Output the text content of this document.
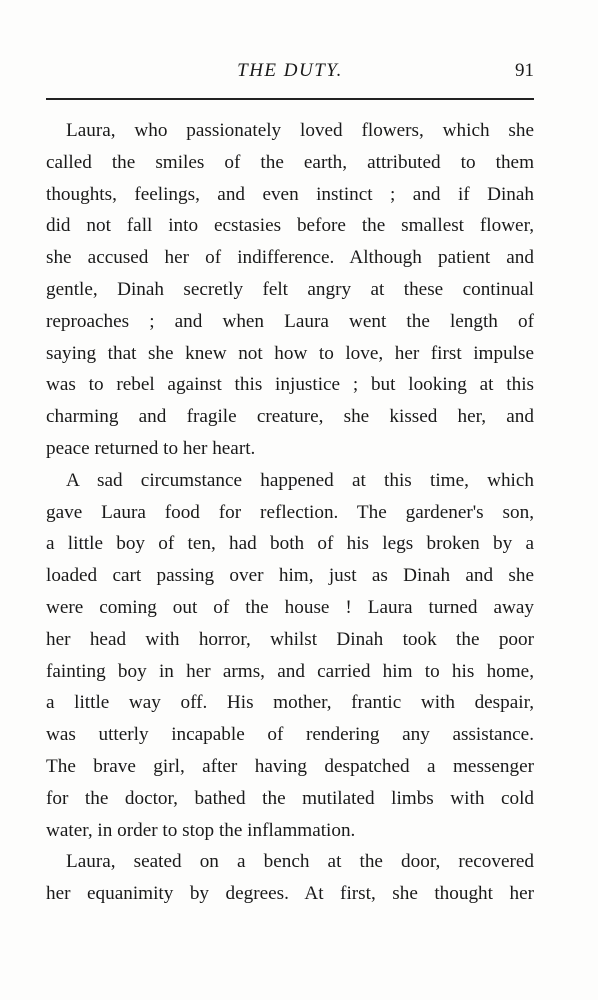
THE DUTY.	91
Laura, who passionately loved flowers, which she
called the smiles of the earth, attributed to them
thoughts, feelings, and even instinct ; and if Dinah
did not fall into ecstasies before the smallest flower,
she accused her of indifference. Although patient and
gentle, Dinah secretly felt angry at these continual
reproaches ; and when Laura went the length of
saying that she knew not how to love, her first impulse
was to rebel against this injustice ; but looking at this
charming and fragile creature, she kissed her, and
peace returned to her heart.
A sad circumstance happened at this time, which
gave Laura food for reflection. The gardener's son,
a little boy of ten, had both of his legs broken by a
loaded cart passing over him, just as Dinah and she
were coming out of the house ! Laura turned away
her head with horror, whilst Dinah took the poor
fainting boy in her arms, and carried him to his home,
a little way off. His mother, frantic with despair,
was utterly incapable of rendering any assistance.
The brave girl, after having despatched a messenger
for the doctor, bathed the mutilated limbs with cold
water, in order to stop the inflammation.
Laura, seated on a bench at the door, recovered
her equanimity by degrees. At first, she thought her
